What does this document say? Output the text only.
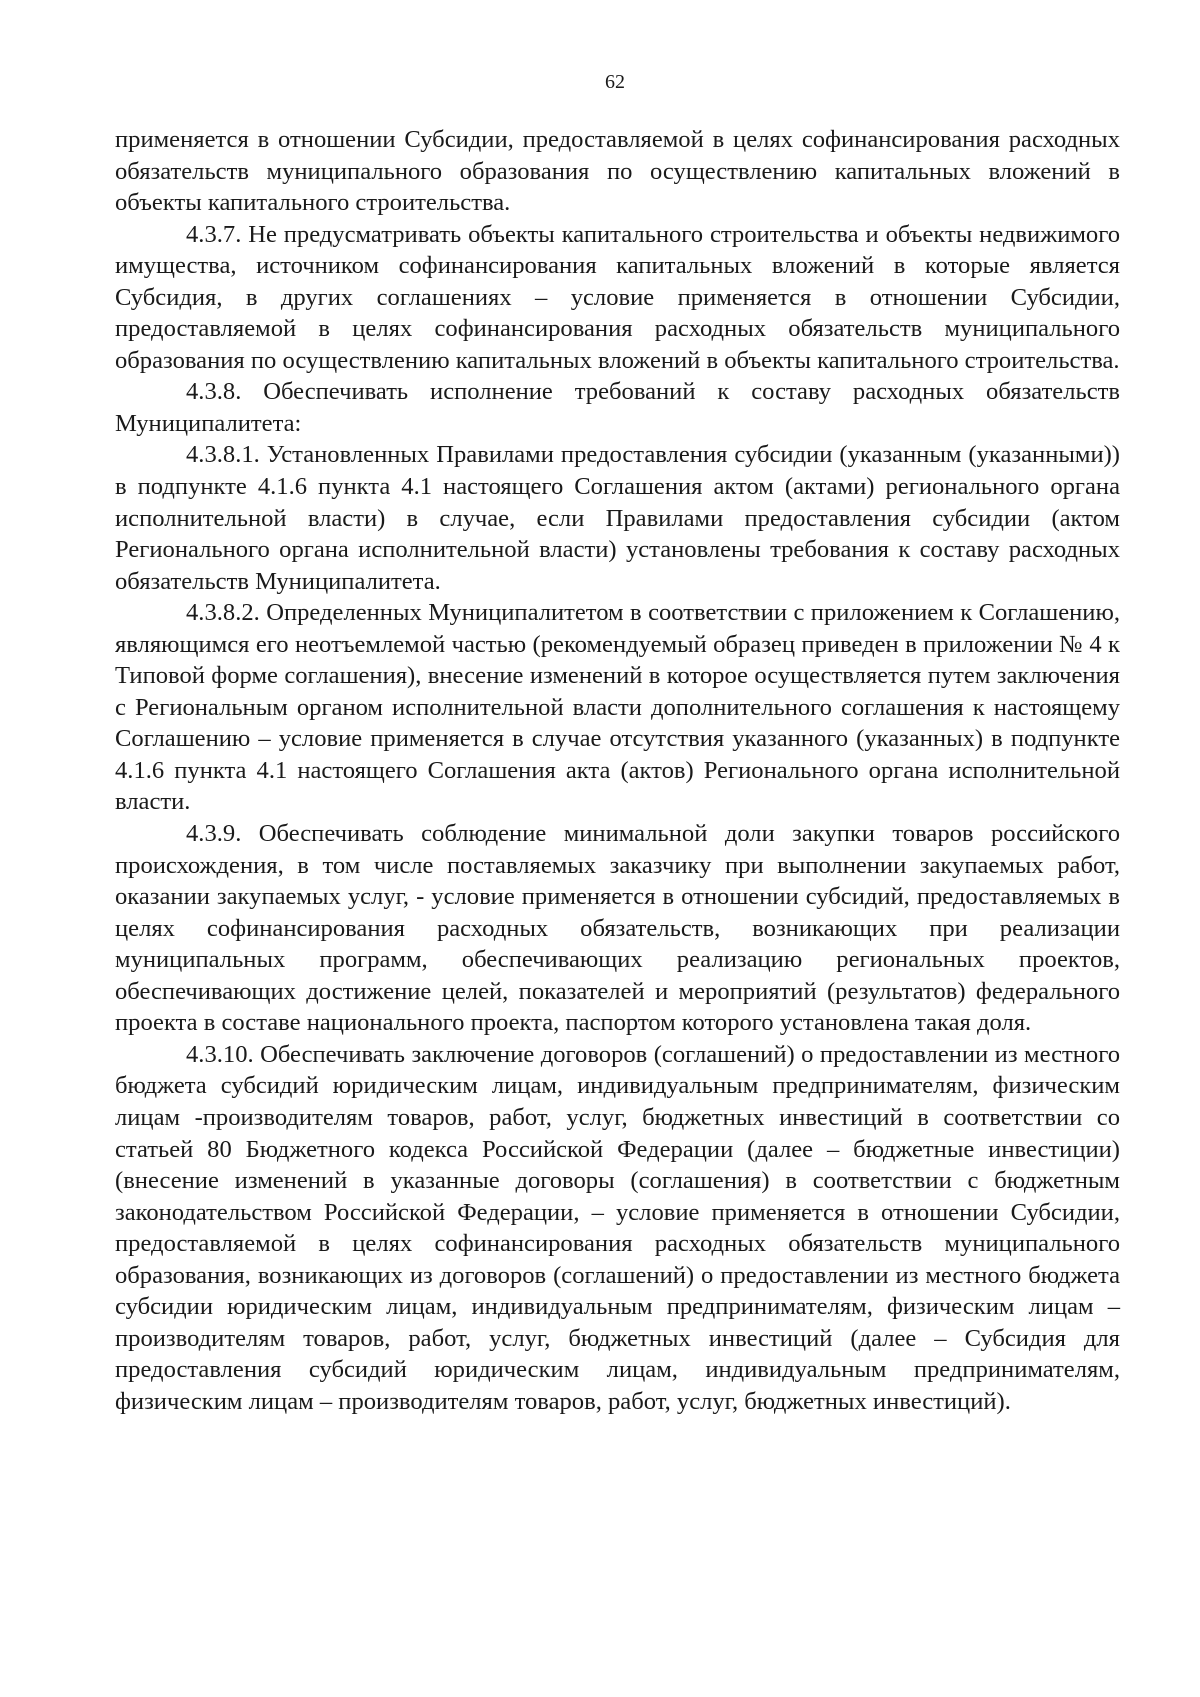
62

применяется в отношении Субсидии, предоставляемой в целях софинансирования расходных обязательств муниципального образования по осуществлению капитальных вложений в объекты капитального строительства.

4.3.7. Не предусматривать объекты капитального строительства и объекты недвижимого имущества, источником софинансирования капитальных вложений в которые является Субсидия, в других соглашениях – условие применяется в отношении Субсидии, предоставляемой в целях софинансирования расходных обязательств муниципального образования по осуществлению капитальных вложений в объекты капитального строительства.

4.3.8. Обеспечивать исполнение требований к составу расходных обязательств Муниципалитета:

4.3.8.1. Установленных Правилами предоставления субсидии (указанным (указанными)) в подпункте 4.1.6 пункта 4.1 настоящего Соглашения актом (актами) регионального органа исполнительной власти) в случае, если Правилами предоставления субсидии (актом Регионального органа исполнительной власти) установлены требования к составу расходных обязательств Муниципалитета.

4.3.8.2. Определенных Муниципалитетом в соответствии с приложением к Соглашению, являющимся его неотъемлемой частью (рекомендуемый образец приведен в приложении № 4 к Типовой форме соглашения), внесение изменений в которое осуществляется путем заключения с Региональным органом исполнительной власти дополнительного соглашения к настоящему Соглашению – условие применяется в случае отсутствия указанного (указанных) в подпункте 4.1.6 пункта 4.1 настоящего Соглашения акта (актов) Регионального органа исполнительной власти.

4.3.9. Обеспечивать соблюдение минимальной доли закупки товаров российского происхождения, в том числе поставляемых заказчику при выполнении закупаемых работ, оказании закупаемых услуг, - условие применяется в отношении субсидий, предоставляемых в целях софинансирования расходных обязательств, возникающих при реализации муниципальных программ, обеспечивающих реализацию региональных проектов, обеспечивающих достижение целей, показателей и мероприятий (результатов) федерального проекта в составе национального проекта, паспортом которого установлена такая доля.

4.3.10. Обеспечивать заключение договоров (соглашений) о предоставлении из местного бюджета субсидий юридическим лицам, индивидуальным предпринимателям, физическим лицам -производителям товаров, работ, услуг, бюджетных инвестиций в соответствии со статьей 80 Бюджетного кодекса Российской Федерации (далее – бюджетные инвестиции) (внесение изменений в указанные договоры (соглашения) в соответствии с бюджетным законодательством Российской Федерации, – условие применяется в отношении Субсидии, предоставляемой в целях софинансирования расходных обязательств муниципального образования, возникающих из договоров (соглашений) о предоставлении из местного бюджета субсидии юридическим лицам, индивидуальным предпринимателям, физическим лицам – производителям товаров, работ, услуг, бюджетных инвестиций (далее – Субсидия для предоставления субсидий юридическим лицам, индивидуальным предпринимателям, физическим лицам – производителям товаров, работ, услуг, бюджетных инвестиций).
